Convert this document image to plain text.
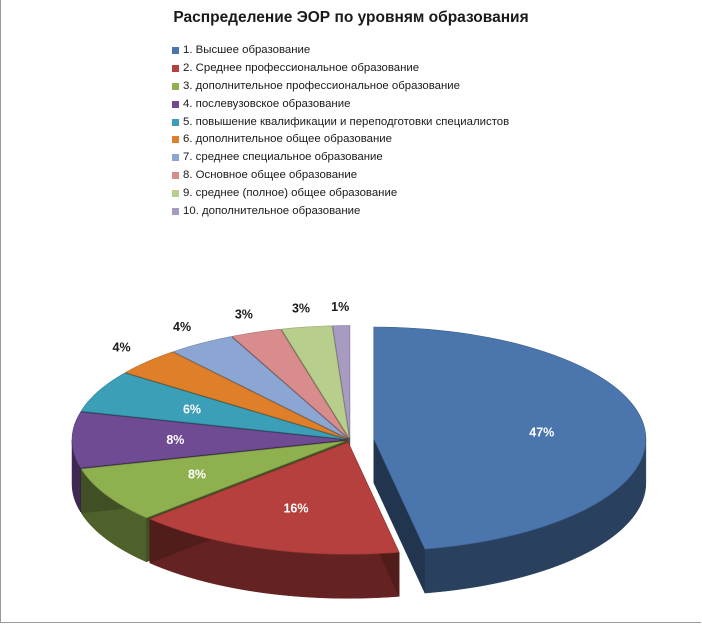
Распределение ЭОР по уровням образования
1. Высшее образование
2. Среднее профессиональное образование
3. дополнительное профессиональное образование
4. послевузовское образование
5. повышение квалификации и переподготовки специалистов
6. дополнительное общее образование
7. среднее специальное образование
8. Основное общее образование
9. среднее (полное) общее образование
10. дополнительное образование
47%
16%
8%
8%
6%
4%
4%
3%	3% 1%
